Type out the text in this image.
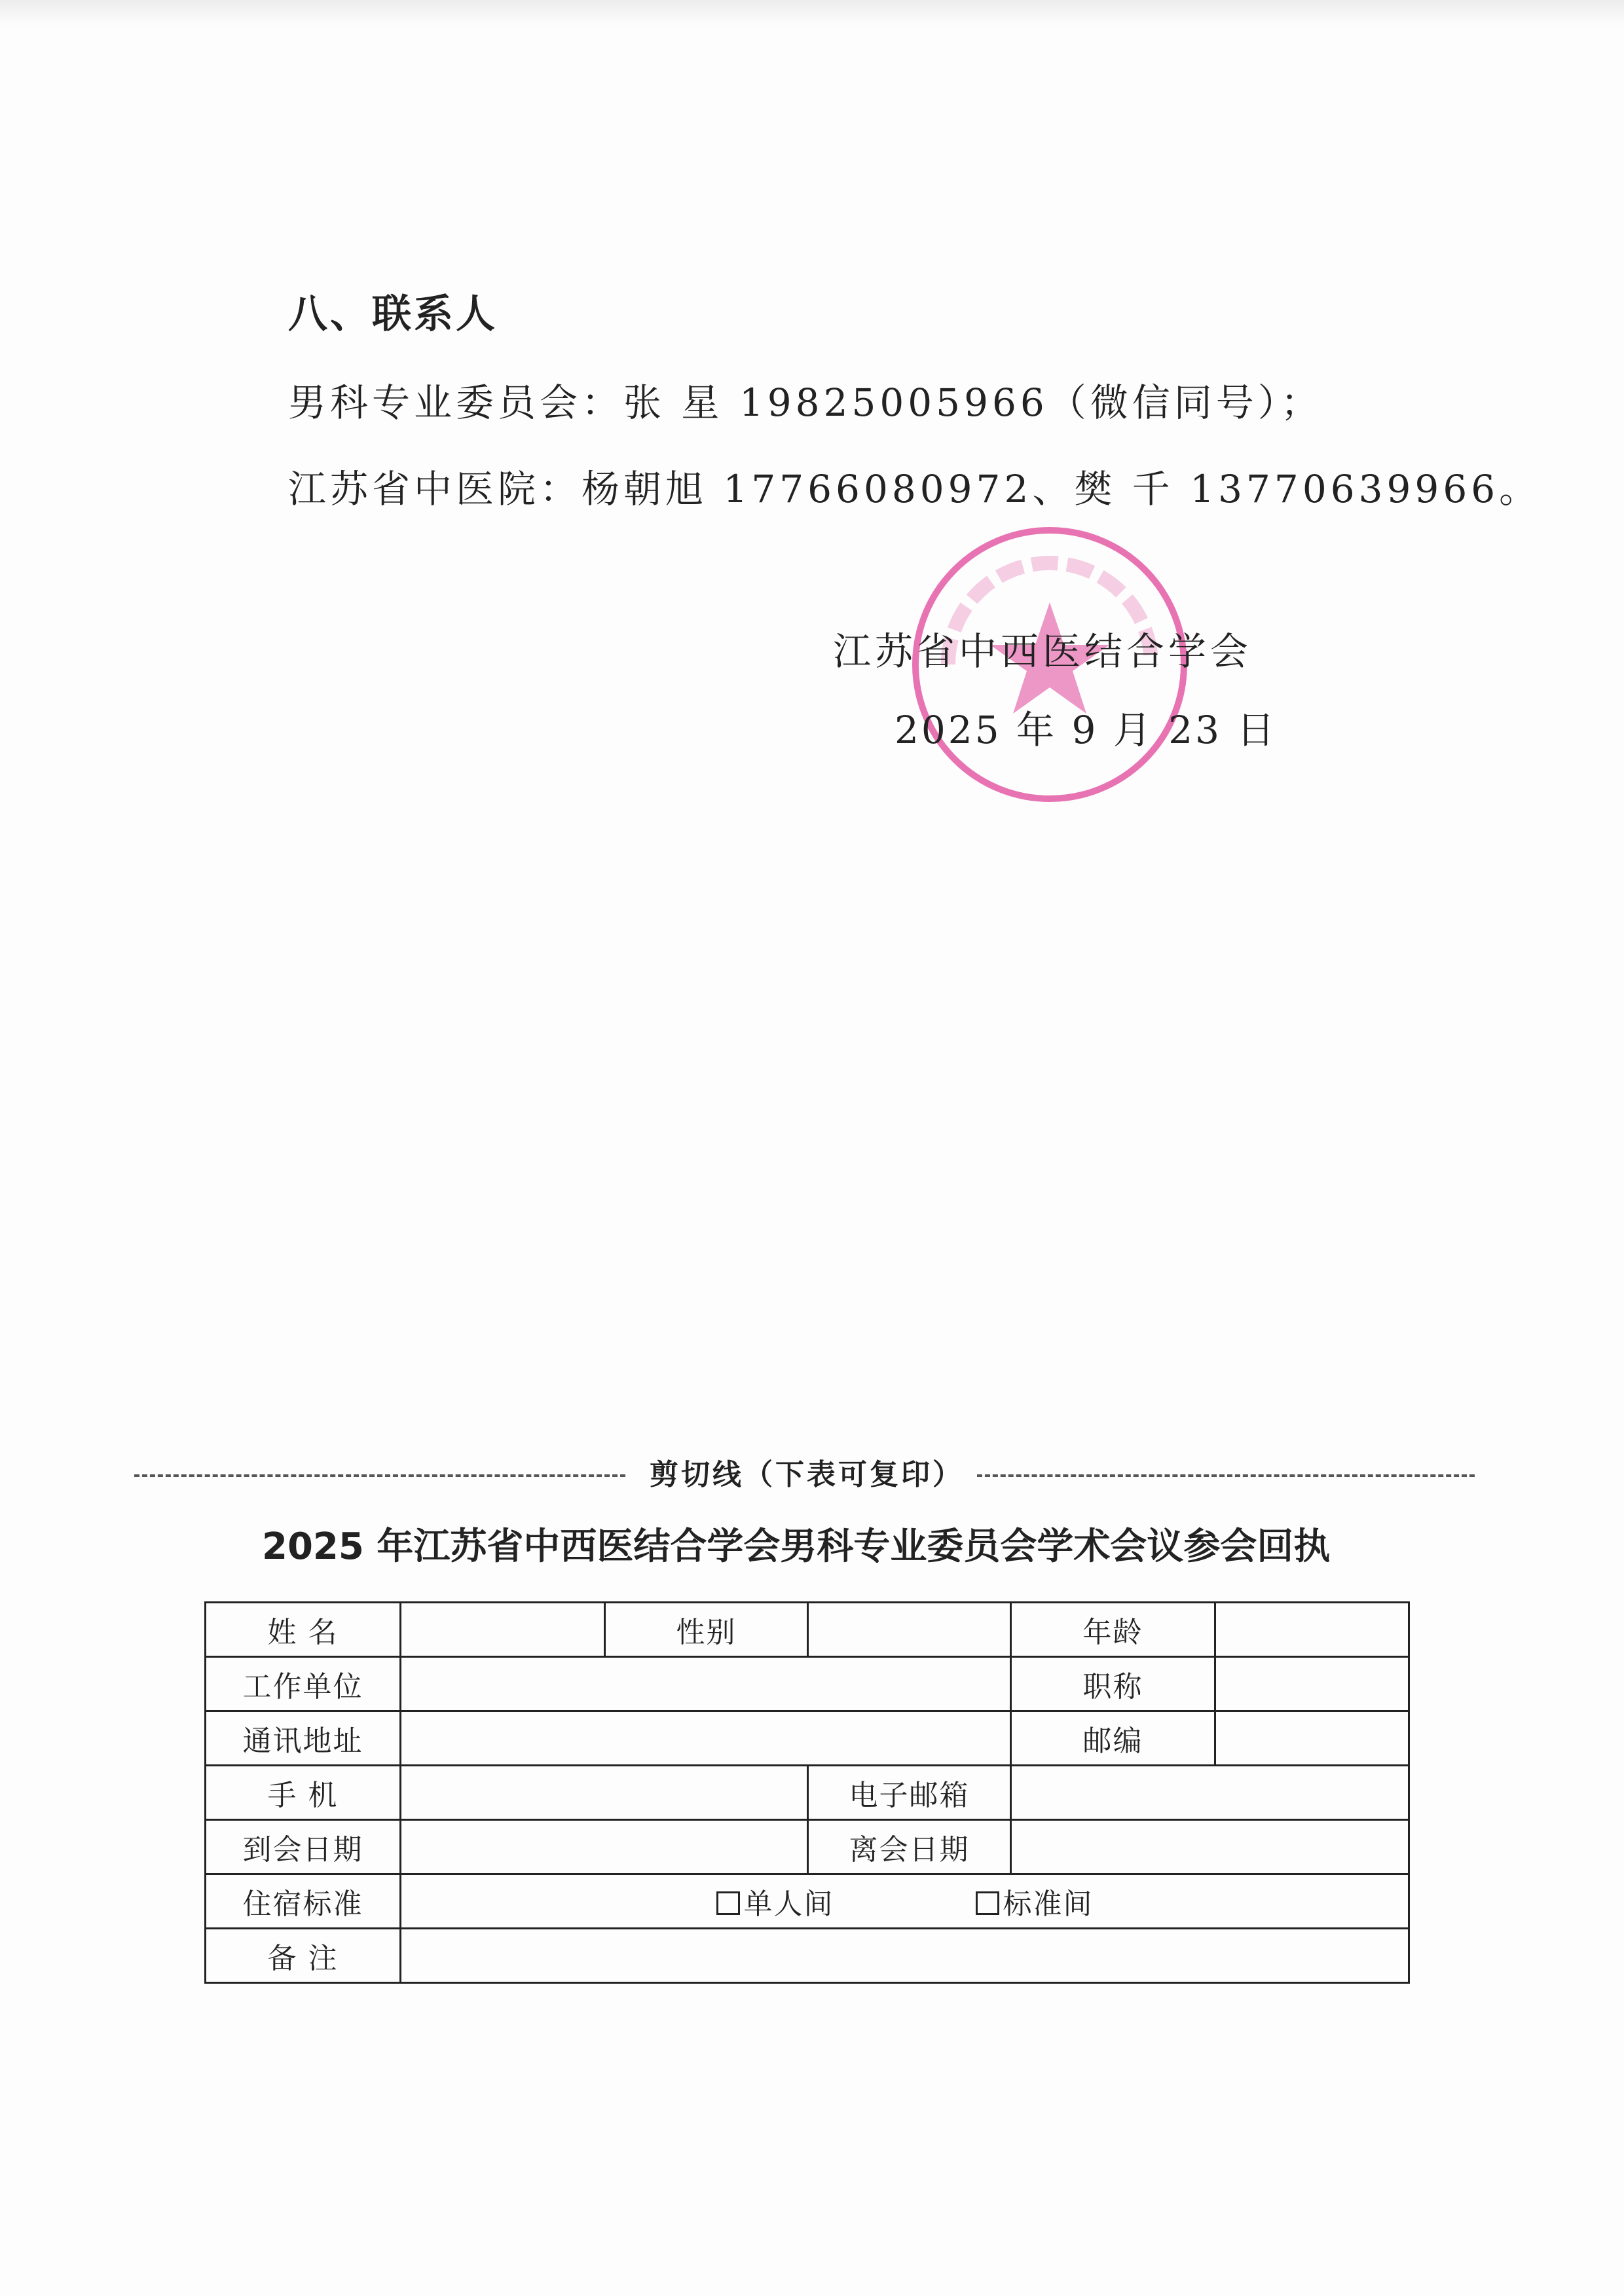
八、联系人
男科专业委员会：张 星 19825005966（微信同号）；
江苏省中医院：杨朝旭 17766080972、樊 千 13770639966。
江苏省中西医结合学会
2025 年 9 月 23 日
剪切线（下表可复印）
2025 年江苏省中西医结合学会男科专业委员会学术会议参会回执
姓 名		性别		年龄	
工作单位				职称	
通讯地址				邮编	
手 机			电子邮箱		
到会日期			离会日期		
住宿标准	单人间 标准间				
备 注					
